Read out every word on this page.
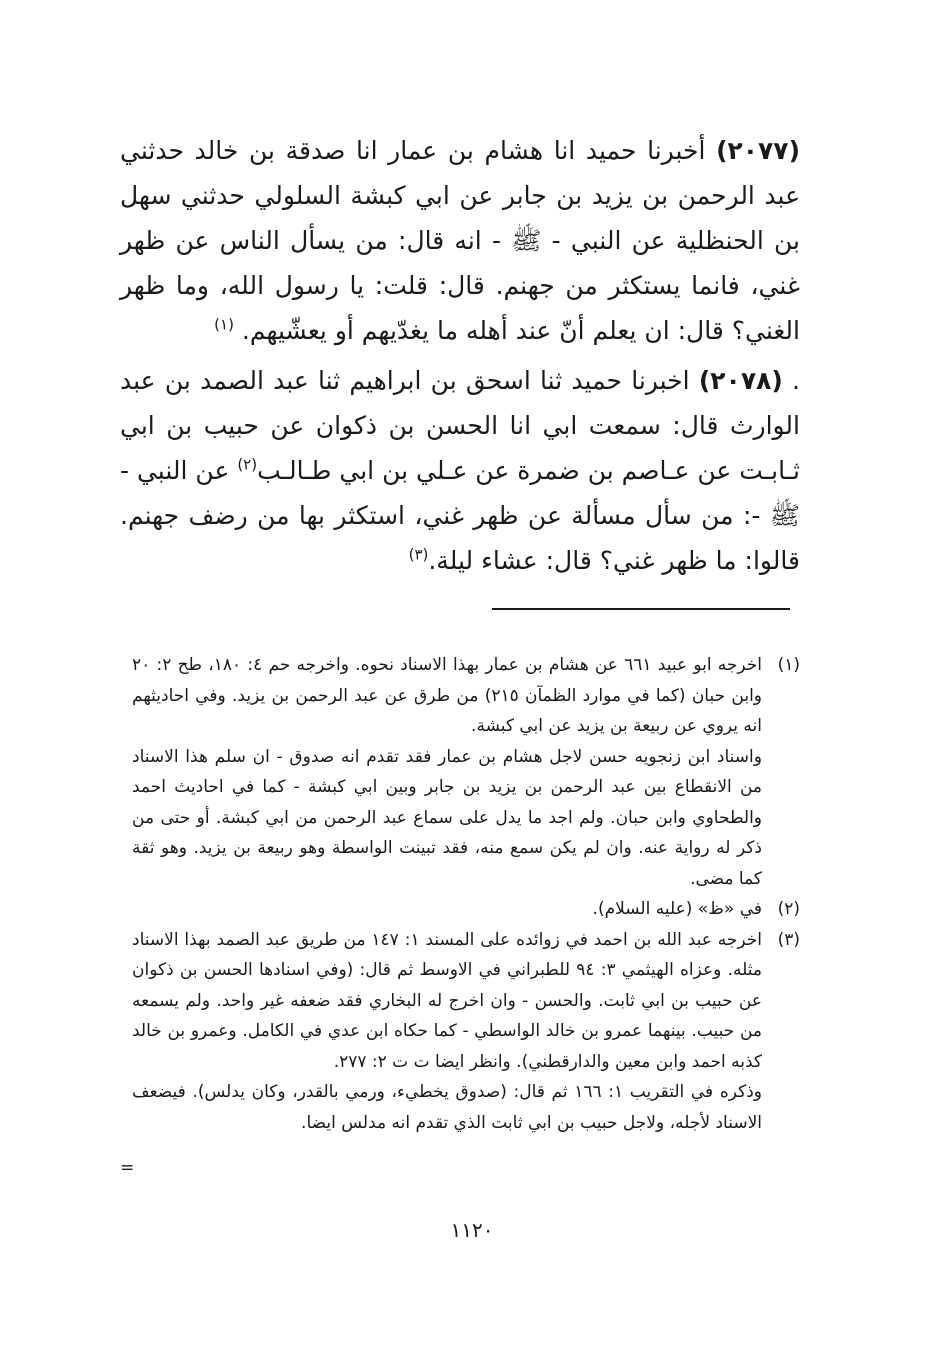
(٢٠٧٧) أخبرنا حميد انا هشام بن عمار انا صدقة بن خالد حدثني عبد الرحمن بن يزيد بن جابر عن ابي كبشة السلولي حدثني سهل بن الحنظلية عن النبي - ﷺ - انه قال: من يسأل الناس عن ظهر غني، فانما يستكثر من جهنم. قال: قلت: يا رسول الله، وما ظهر الغني؟ قال: ان يعلم أنّ عند أهله ما يغدّيهم أو يعشّيهم. $^{(١)}$

. (٢٠٧٨) اخبرنا حميد ثنا اسحق بن ابراهيم ثنا عبد الصمد بن عبد الوارث قال: سمعت ابي انا الحسن بن ذكوان عن حبيب بن ابي ثـابـت عن عـاصم بن ضمرة عن عـلي بن ابي طـالـب$^{(٢)}$ عن النبي - ﷺ -: من سأل مسألة عن ظهر غني، استكثر بها من رضف جهنم. قالوا: ما ظهر غني؟ قال: عشاء ليلة.$^{(٣)}$

(١)

اخرجه ابو عبيد ٦٦١ عن هشام بن عمار بهذا الاسناد نحوه. واخرجه حم ٤: ١٨٠، طح ٢: ٢٠ وابن حبان (كما في موارد الظمآن ٢١٥) من طرق عن عبد الرحمن بن يزيد. وفي احاديثهم انه يروي عن ربيعة بن يزيد عن ابي كبشة.

واسناد ابن زنجويه حسن لاجل هشام بن عمار فقد تقدم انه صدوق - ان سلم هذا الاسناد من الانقطاع بين عبد الرحمن بن يزيد بن جابر وبين ابي كبشة - كما في احاديث احمد والطحاوي وابن حبان. ولم اجد ما يدل على سماع عبد الرحمن من ابي كبشة. أو حتى من ذكر له رواية عنه. وان لم يكن سمع منه، فقد تبينت الواسطة وهو ربيعة بن يزيد. وهو ثقة كما مضى.

(٢)

في «ظ» (عليه السلام).

(٣)

اخرجه عبد الله بن احمد في زوائده على المسند ١: ١٤٧ من طريق عبد الصمد بهذا الاسناد مثله. وعزاه الهيثمي ٣: ٩٤ للطبراني في الاوسط ثم قال: (وفي اسنادها الحسن بن ذكوان عن حبيب بن ابي ثابت. والحسن - وان اخرج له البخاري فقد ضعفه غير واحد. ولم يسمعه من حبيب. بينهما عمرو بن خالد الواسطي - كما حكاه ابن عدي في الكامل. وعمرو بن خالد كذبه احمد وابن معين والدارقطني). وانظر ايضا ت ت ٢: ٢٧٧.

وذكره في التقريب ١: ١٦٦ ثم قال: (صدوق يخطيء، ورمي بالقدر، وكان يدلس). فيضعف الاسناد لأجله، ولاجل حبيب بن ابي ثابت الذي تقدم انه مدلس ايضا.

=
١١٢٠
